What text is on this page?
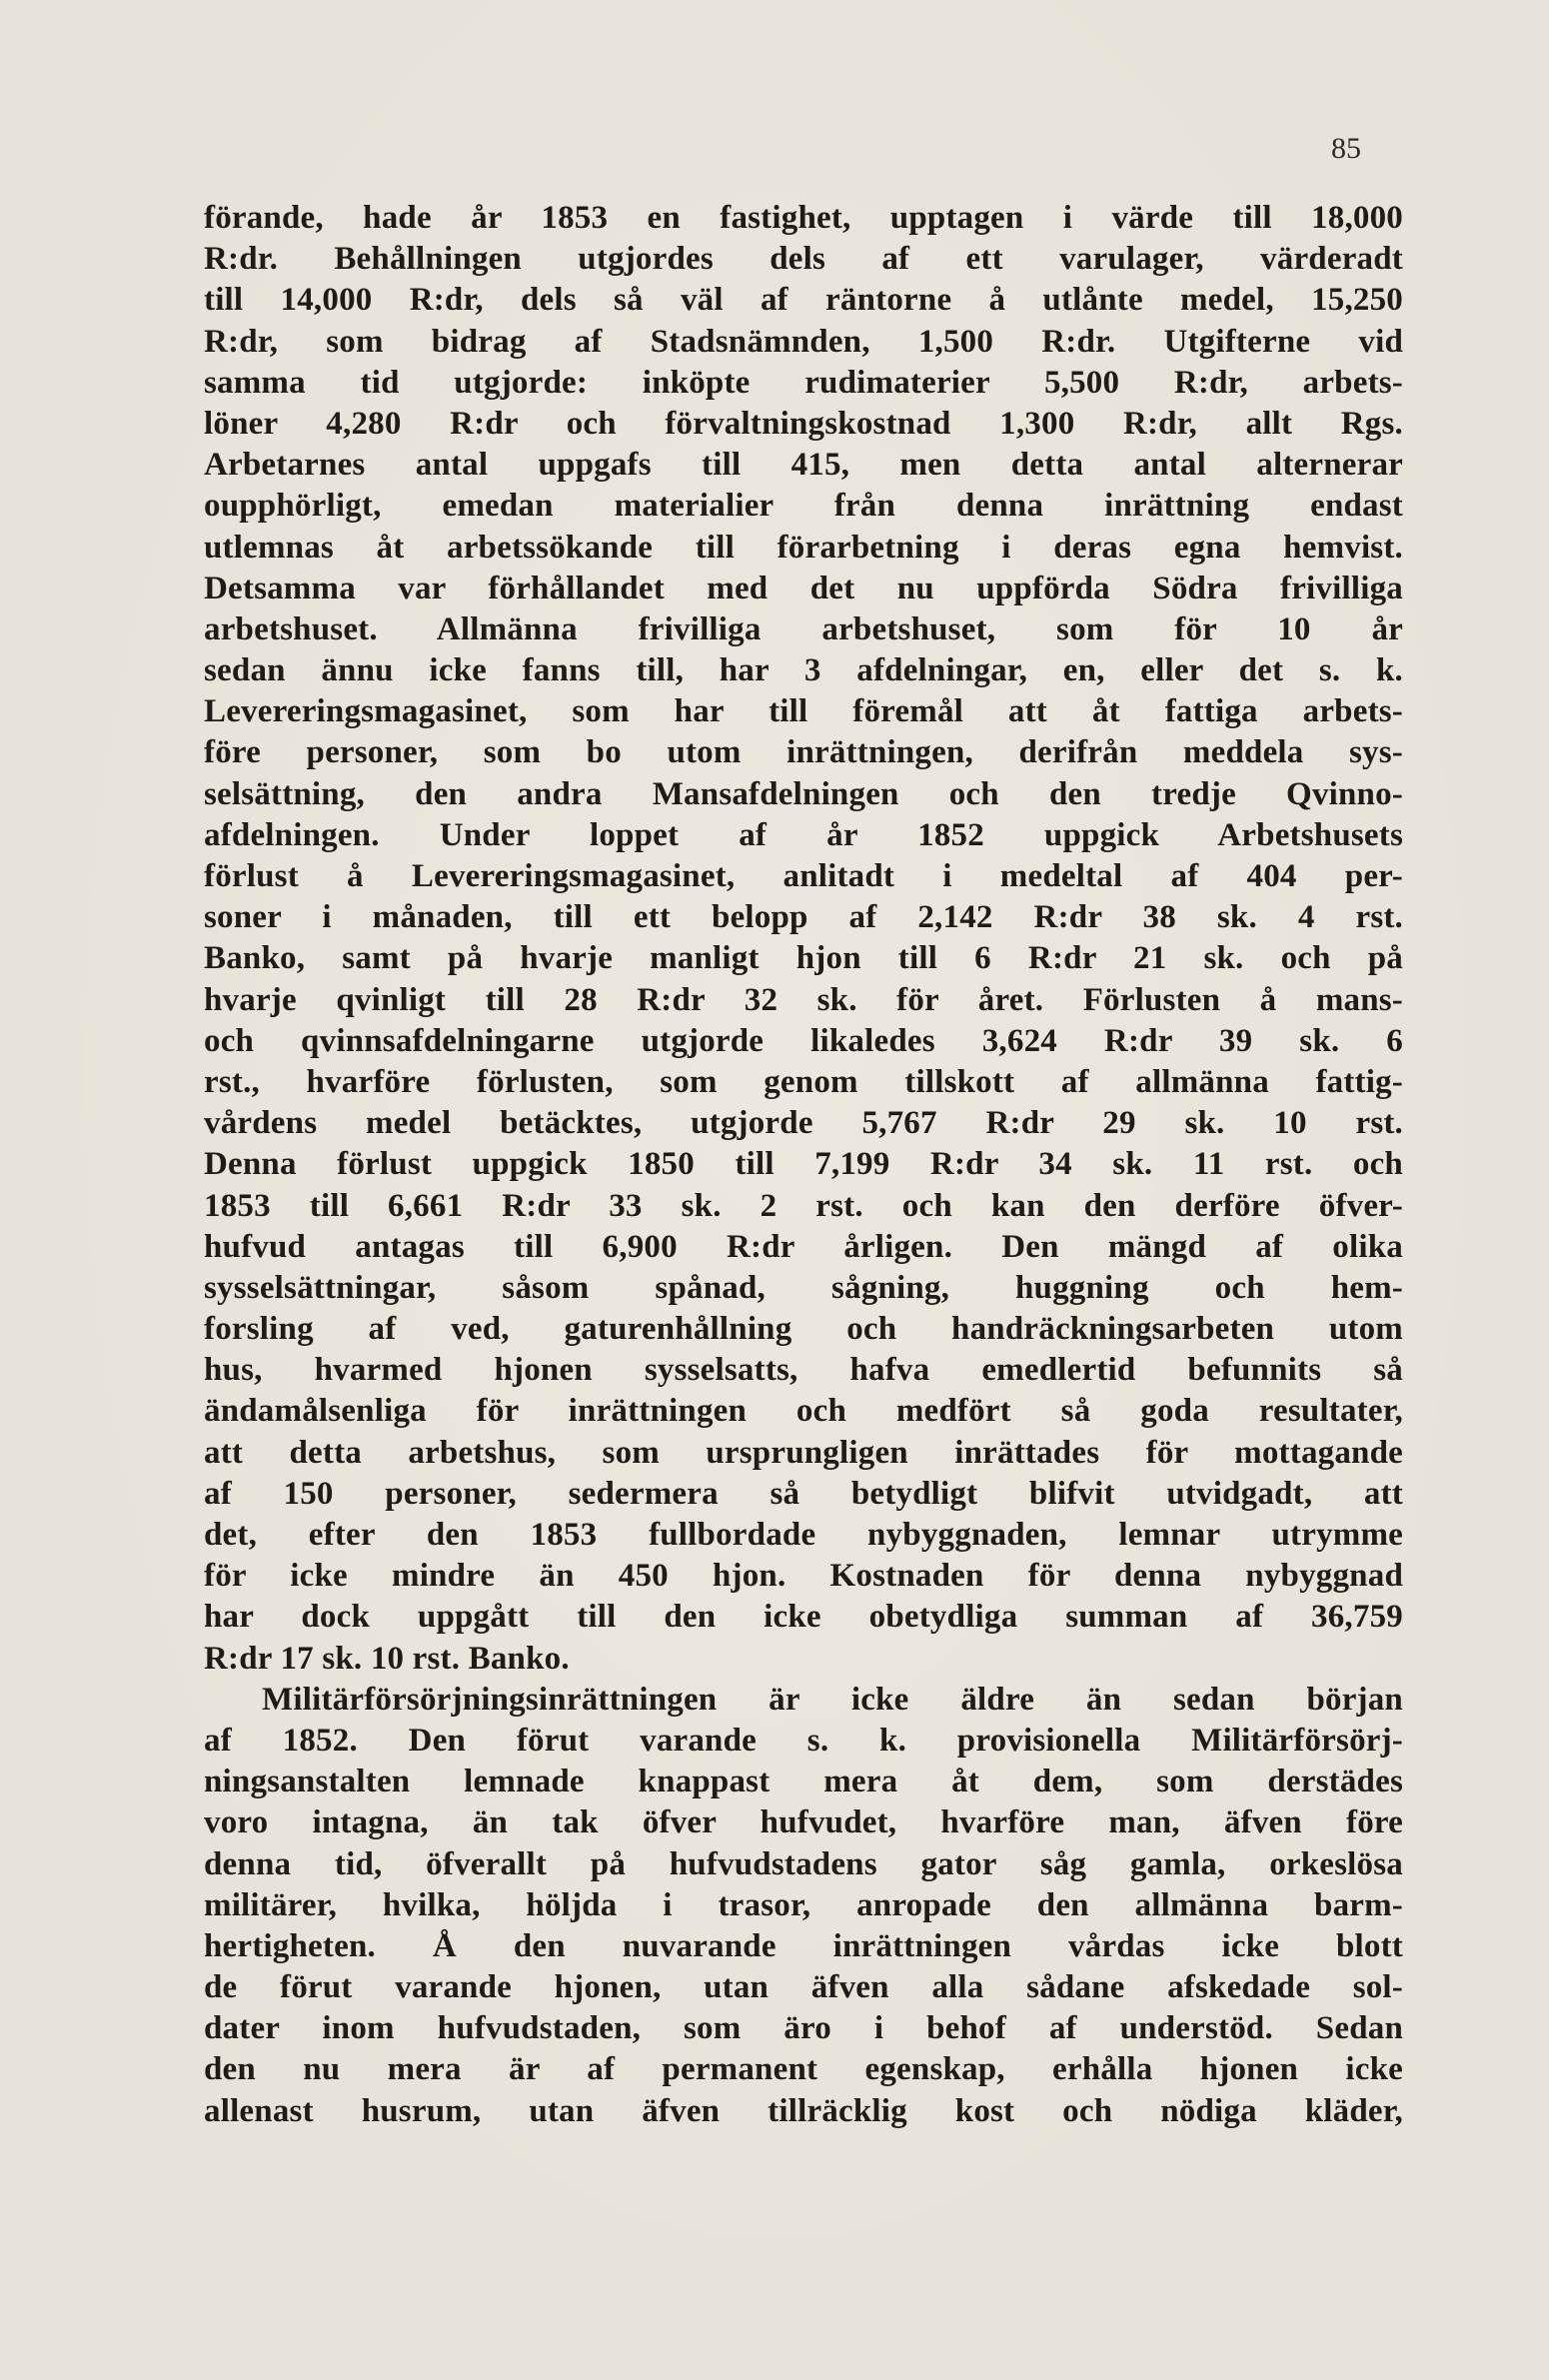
85
förande, hade år 1853 en fastighet, upptagen i värde till 18,000
R:dr. Behållningen utgjordes dels af ett varulager, värderadt
till 14,000 R:dr, dels så väl af räntorne å utlånte medel, 15,250
R:dr, som bidrag af Stadsnämnden, 1,500 R:dr. Utgifterne vid
samma tid utgjorde: inköpte rudimaterier 5,500 R:dr, arbets-
löner 4,280 R:dr och förvaltningskostnad 1,300 R:dr, allt Rgs.
Arbetarnes antal uppgafs till 415, men detta antal alternerar
oupphörligt, emedan materialier från denna inrättning endast
utlemnas åt arbetssökande till förarbetning i deras egna hemvist.
Detsamma var förhållandet med det nu uppförda Södra frivilliga
arbetshuset. Allmänna frivilliga arbetshuset, som för 10 år
sedan ännu icke fanns till, har 3 afdelningar, en, eller det s. k.
Levereringsmagasinet, som har till föremål att åt fattiga arbets-
före personer, som bo utom inrättningen, derifrån meddela sys-
selsättning, den andra Mansafdelningen och den tredje Qvinno-
afdelningen. Under loppet af år 1852 uppgick Arbetshusets
förlust å Levereringsmagasinet, anlitadt i medeltal af 404 per-
soner i månaden, till ett belopp af 2,142 R:dr 38 sk. 4 rst.
Banko, samt på hvarje manligt hjon till 6 R:dr 21 sk. och på
hvarje qvinligt till 28 R:dr 32 sk. för året. Förlusten å mans-
och qvinnsafdelningarne utgjorde likaledes 3,624 R:dr 39 sk. 6
rst., hvarföre förlusten, som genom tillskott af allmänna fattig-
vårdens medel betäcktes, utgjorde 5,767 R:dr 29 sk. 10 rst.
Denna förlust uppgick 1850 till 7,199 R:dr 34 sk. 11 rst. och
1853 till 6,661 R:dr 33 sk. 2 rst. och kan den derföre öfver-
hufvud antagas till 6,900 R:dr årligen. Den mängd af olika
sysselsättningar, såsom spånad, sågning, huggning och hem-
forsling af ved, gaturenhållning och handräckningsarbeten utom
hus, hvarmed hjonen sysselsatts, hafva emedlertid befunnits så
ändamålsenliga för inrättningen och medfört så goda resultater,
att detta arbetshus, som ursprungligen inrättades för mottagande
af 150 personer, sedermera så betydligt blifvit utvidgadt, att
det, efter den 1853 fullbordade nybyggnaden, lemnar utrymme
för icke mindre än 450 hjon. Kostnaden för denna nybyggnad
har dock uppgått till den icke obetydliga summan af 36,759
R:dr 17 sk. 10 rst. Banko.
Militärförsörjningsinrättningen är icke äldre än sedan början
af 1852. Den förut varande s. k. provisionella Militärförsörj-
ningsanstalten lemnade knappast mera åt dem, som derstädes
voro intagna, än tak öfver hufvudet, hvarföre man, äfven före
denna tid, öfverallt på hufvudstadens gator såg gamla, orkeslösa
militärer, hvilka, höljda i trasor, anropade den allmänna barm-
hertigheten. Å den nuvarande inrättningen vårdas icke blott
de förut varande hjonen, utan äfven alla sådane afskedade sol-
dater inom hufvudstaden, som äro i behof af understöd. Sedan
den nu mera är af permanent egenskap, erhålla hjonen icke
allenast husrum, utan äfven tillräcklig kost och nödiga kläder,
